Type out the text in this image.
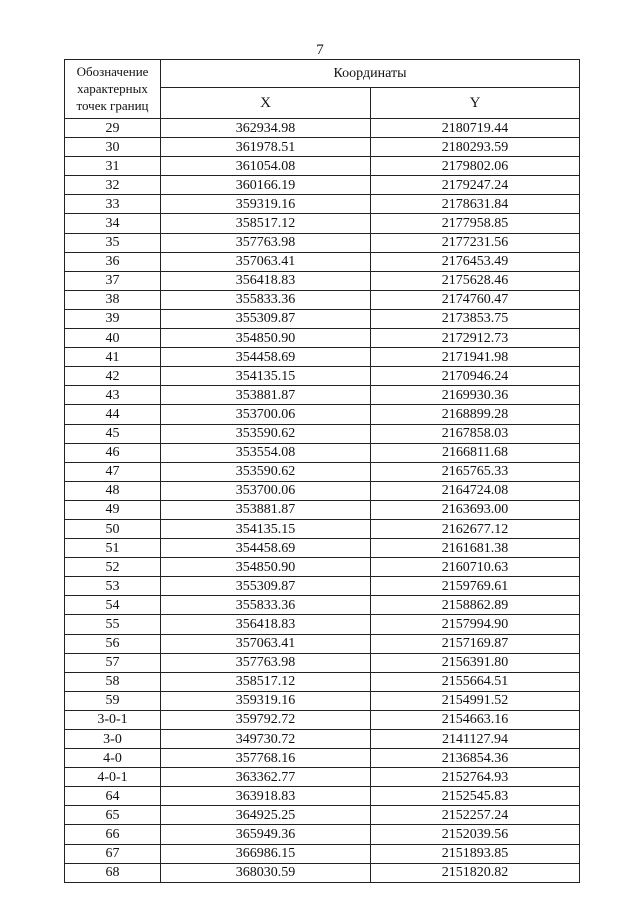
7
Обозначение характерных точек границ	Координаты	
	X	Y
29	362934.98	2180719.44
30	361978.51	2180293.59
31	361054.08	2179802.06
32	360166.19	2179247.24
33	359319.16	2178631.84
34	358517.12	2177958.85
35	357763.98	2177231.56
36	357063.41	2176453.49
37	356418.83	2175628.46
38	355833.36	2174760.47
39	355309.87	2173853.75
40	354850.90	2172912.73
41	354458.69	2171941.98
42	354135.15	2170946.24
43	353881.87	2169930.36
44	353700.06	2168899.28
45	353590.62	2167858.03
46	353554.08	2166811.68
47	353590.62	2165765.33
48	353700.06	2164724.08
49	353881.87	2163693.00
50	354135.15	2162677.12
51	354458.69	2161681.38
52	354850.90	2160710.63
53	355309.87	2159769.61
54	355833.36	2158862.89
55	356418.83	2157994.90
56	357063.41	2157169.87
57	357763.98	2156391.80
58	358517.12	2155664.51
59	359319.16	2154991.52
3-0-1	359792.72	2154663.16
3-0	349730.72	2141127.94
4-0	357768.16	2136854.36
4-0-1	363362.77	2152764.93
64	363918.83	2152545.83
65	364925.25	2152257.24
66	365949.36	2152039.56
67	366986.15	2151893.85
68	368030.59	2151820.82
